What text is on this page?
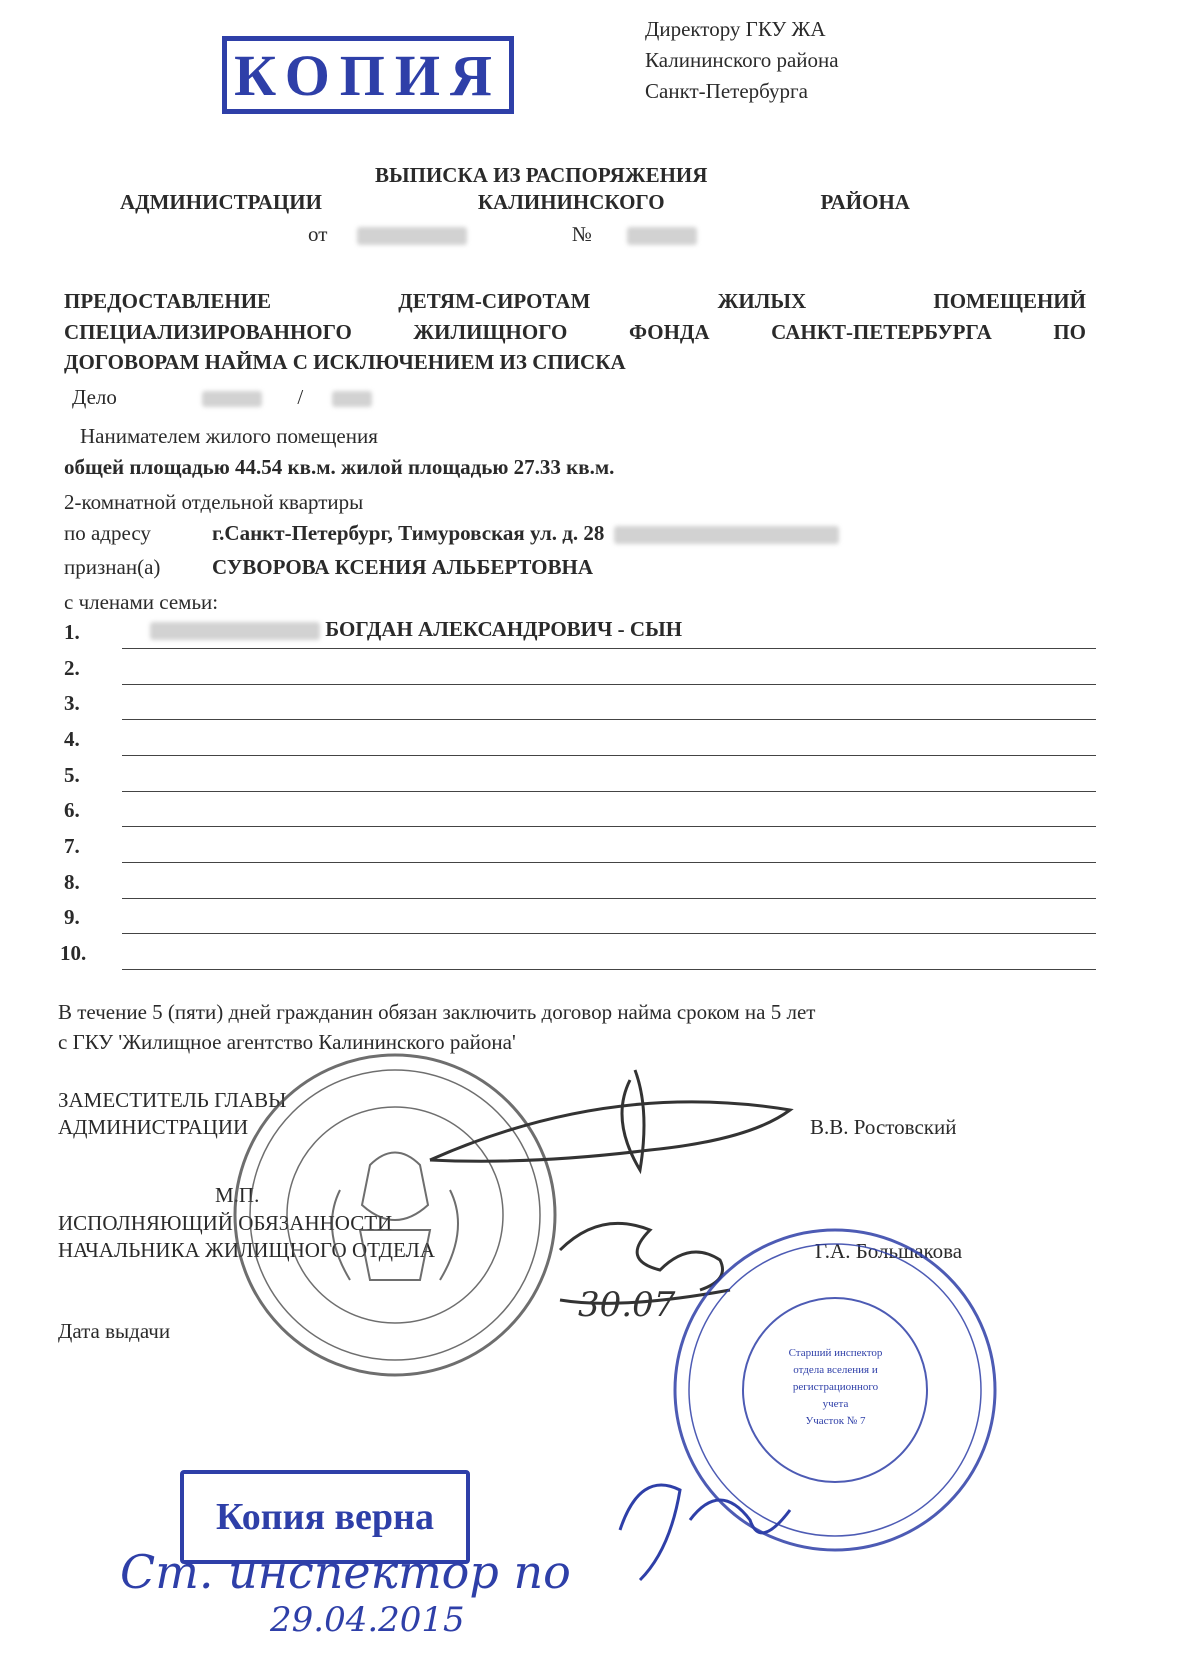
КОПИЯ
Директору ГКУ ЖА
Калининского района
Санкт-Петербурга
ВЫПИСКА ИЗ РАСПОРЯЖЕНИЯ
АДМИНИСТРАЦИИ	КАЛИНИНСКОГО	РАЙОНА
от	№
ПРЕДОСТАВЛЕНИЕ	ДЕТЯМ-СИРОТАМ	ЖИЛЫХ	ПОМЕЩЕНИЙ
СПЕЦИАЛИЗИРОВАННОГО ЖИЛИЩНОГО ФОНДА САНКТ-ПЕТЕРБУРГА ПО
ДОГОВОРАМ НАЙМА С ИСКЛЮЧЕНИЕМ ИЗ СПИСКА
Дело	/
Нанимателем жилого помещения
общей площадью 44.54 кв.м. жилой площадью 27.33 кв.м.
2-комнатной отдельной квартиры
по адресу	г.Санкт-Петербург, Тимуровская ул. д. 28
признан(а) СУВОРОВА КСЕНИЯ АЛЬБЕРТОВНА
с членами семьи:
1.	БОГДАН АЛЕКСАНДРОВИЧ - СЫН
2.
3.
4.
5.
6.
7.
8.
9.
10.
В течение 5 (пяти) дней гражданин обязан заключить договор найма сроком на 5 лет
с ГКУ 'Жилищное агентство Калининского района'
ЗАМЕСТИТЕЛЬ ГЛАВЫ
АДМИНИСТРАЦИИ	В.В. Ростовский
М.П.
ИСПОЛНЯЮЩИЙ ОБЯЗАННОСТИ
НАЧАЛЬНИКА ЖИЛИЩНОГО ОТДЕЛА	Г.А. Большакова
Дата выдачи
30.07
Старший инспектор
отдела вселения и
регистрационного
учета
Участок № 7
Копия верна
Ст. инспектор по
29.04.2015
